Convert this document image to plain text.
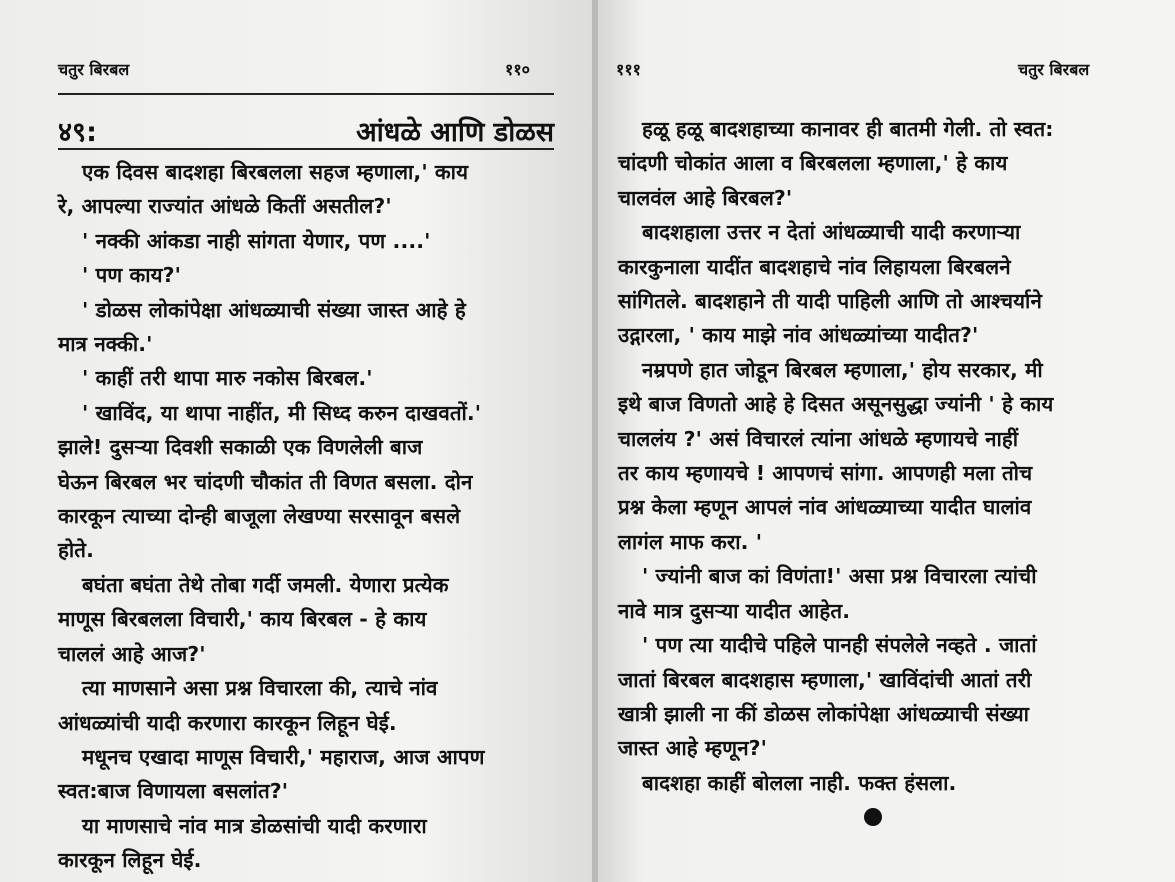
चतुर बिरबल	११०
४९:	आंधळे आणि डोळस
एक दिवस बादशहा बिरबलला सहज म्हणाला,' काय
रे, आपल्या राज्यांत आंधळे कितीं असतील?'
' नक्की आंकडा नाही सांगता येणार, पण ....'
' पण काय?'
' डोळस लोकांपेक्षा आंधळ्याची संख्या जास्त आहे हे
मात्र नक्की.'
' काहीं तरी थापा मारु नकोस बिरबल.'
' खाविंद, या थापा नाहींत, मी सिध्द करुन दाखवतों.'
झाले! दुसऱ्या दिवशी सकाळी एक विणलेली बाज
घेऊन बिरबल भर चांदणी चौकांत ती विणत बसला. दोन
कारकून त्याच्या दोन्ही बाजूला लेखण्या सरसावून बसले
होते.
बघंता बघंता तेथे तोबा गर्दी जमली. येणारा प्रत्येक
माणूस बिरबलला विचारी,' काय बिरबल - हे काय
चाललं आहे आज?'
त्या माणसाने असा प्रश्न विचारला की, त्याचे नांव
आंधळ्यांची यादी करणारा कारकून लिहून घेई.
मधूनच एखादा माणूस विचारी,' महाराज, आज आपण
स्वत:बाज विणायला बसलांत?'
या माणसाचे नांव मात्र डोळसांची यादी करणारा
कारकून लिहून घेई.
१११	चतुर बिरबल
हळू हळू बादशहाच्या कानावर ही बातमी गेली. तो स्वत:
चांदणी चोकांत आला व बिरबलला म्हणाला,' हे काय
चालवंल आहे बिरबल?'
बादशहाला उत्तर न देतां आंधळ्याची यादी करणाऱ्या
कारकुनाला यादींत बादशहाचे नांव लिहायला बिरबलने
सांगितले. बादशहाने ती यादी पाहिली आणि तो आश्चर्याने
उद्गारला, ' काय माझे नांव आंधळ्यांच्या यादीत?'
नम्रपणे हात जोडून बिरबल म्हणाला,' होय सरकार, मी
इथे बाज विणतो आहे हे दिसत असूनसुद्धा ज्यांनी ' हे काय
चाललंय ?' असं विचारलं त्यांना आंधळे म्हणायचे नाहीं
तर काय म्हणायचे ! आपणचं सांगा. आपणही मला तोच
प्रश्न केला म्हणून आपलं नांव आंधळ्याच्या यादीत घालांव
लागंल माफ करा. '
' ज्यांनी बाज कां विणंता!' असा प्रश्न विचारला त्यांची
नावे मात्र दुसऱ्या यादीत आहेत.
' पण त्या यादीचे पहिले पानही संपलेले नव्हते . जातां
जातां बिरबल बादशहास म्हणाला,' खाविंदांची आतां तरी
खात्री झाली ना कीं डोळस लोकांपेक्षा आंधळ्याची संख्या
जास्त आहे म्हणून?'
बादशहा काहीं बोलला नाही. फक्त हंसला.
